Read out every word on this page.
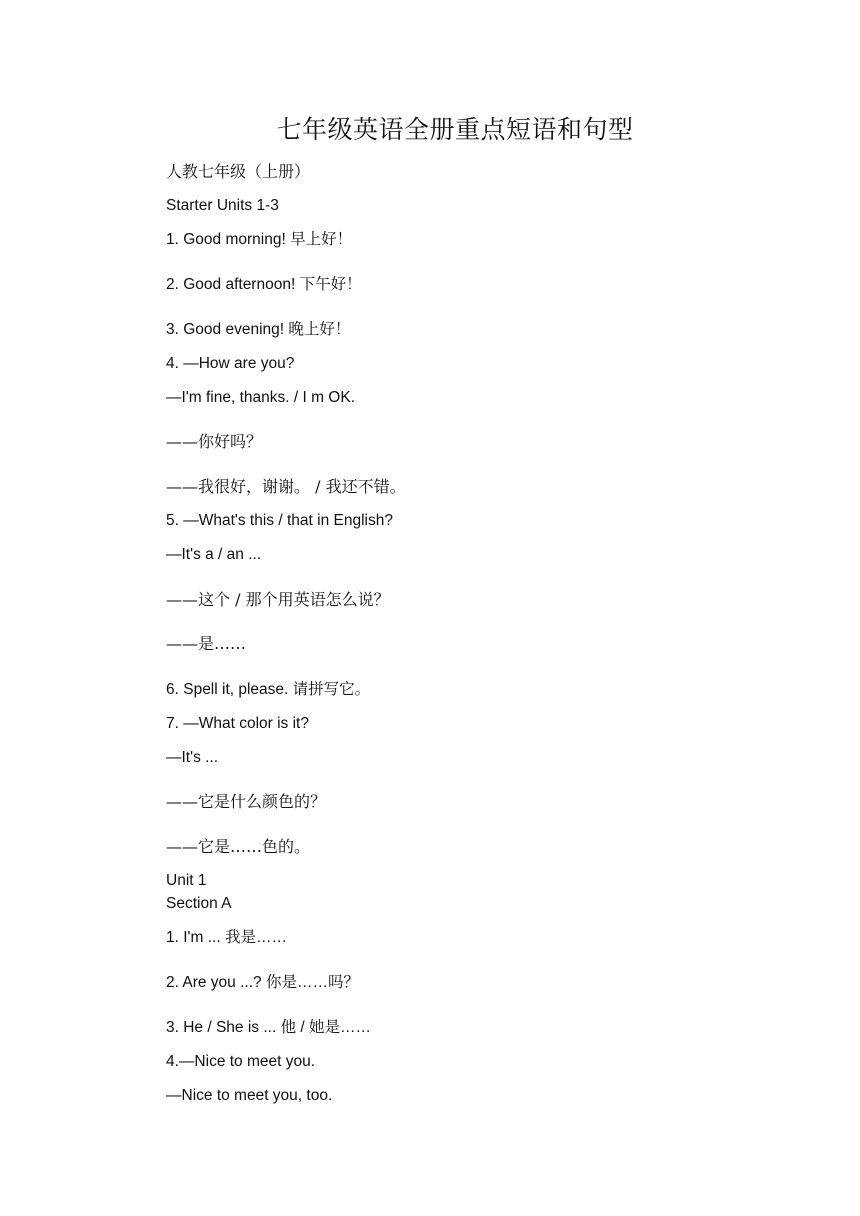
七年级英语全册重点短语和句型
人教七年级（上册）
Starter Units 1-3
1. Good morning! 早上好！
2. Good afternoon! 下午好！
3. Good evening! 晚上好！
4. —How are you?
—I'm fine, thanks. / I m OK.
——你好吗？
——我很好，谢谢。 / 我还不错。
5. —What's this / that in English?
—It's a / an ...
——这个 / 那个用英语怎么说？
——是……
6. Spell it, please. 请拼写它。
7. —What color is it?
—It's ...
——它是什么颜色的？
——它是……色的。
Unit 1
Section A
1. I'm ... 我是……
2. Are you ...? 你是……吗？
3. He / She is ... 他 / 她是……
4.—Nice to meet you.
—Nice to meet you, too.
